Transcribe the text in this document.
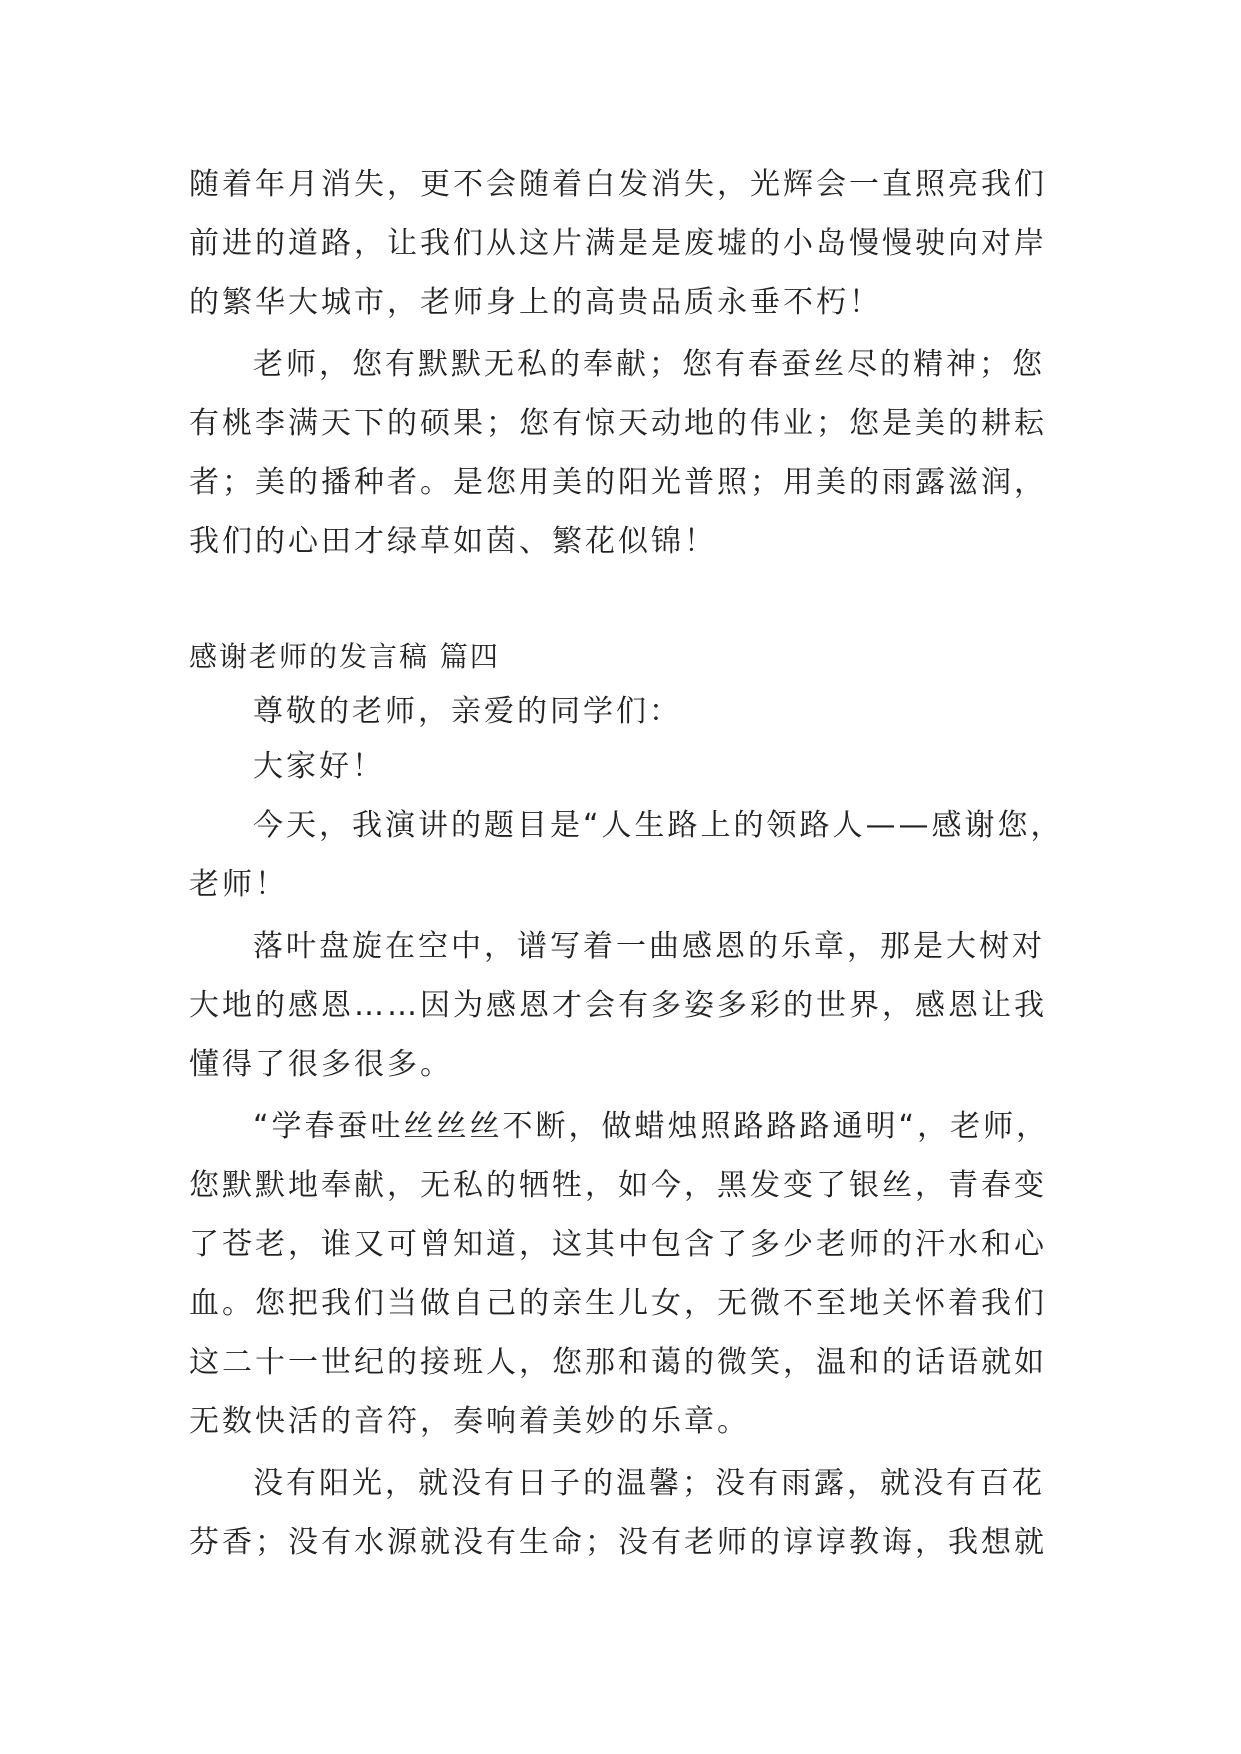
随着年月消失，更不会随着白发消失，光辉会一直照亮我们
前进的道路，让我们从这片满是是废墟的小岛慢慢驶向对岸
的繁华大城市，老师身上的高贵品质永垂不朽！
老师，您有默默无私的奉献；您有春蚕丝尽的精神；您
有桃李满天下的硕果；您有惊天动地的伟业；您是美的耕耘
者；美的播种者。是您用美的阳光普照；用美的雨露滋润，
我们的心田才绿草如茵、繁花似锦！
感谢老师的发言稿 篇四
尊敬的老师，亲爱的同学们：
大家好！
今天，我演讲的题目是“人生路上的领路人——感谢您，
老师！
落叶盘旋在空中，谱写着一曲感恩的乐章，那是大树对
大地的感恩……因为感恩才会有多姿多彩的世界，感恩让我
懂得了很多很多。
“学春蚕吐丝丝丝不断，做蜡烛照路路路通明“，老师，
您默默地奉献，无私的牺牲，如今，黑发变了银丝，青春变
了苍老，谁又可曾知道，这其中包含了多少老师的汗水和心
血。您把我们当做自己的亲生儿女，无微不至地关怀着我们
这二十一世纪的接班人，您那和蔼的微笑，温和的话语就如
无数快活的音符，奏响着美妙的乐章。
没有阳光，就没有日子的温馨；没有雨露，就没有百花
芬香；没有水源就没有生命；没有老师的谆谆教诲，我想就
